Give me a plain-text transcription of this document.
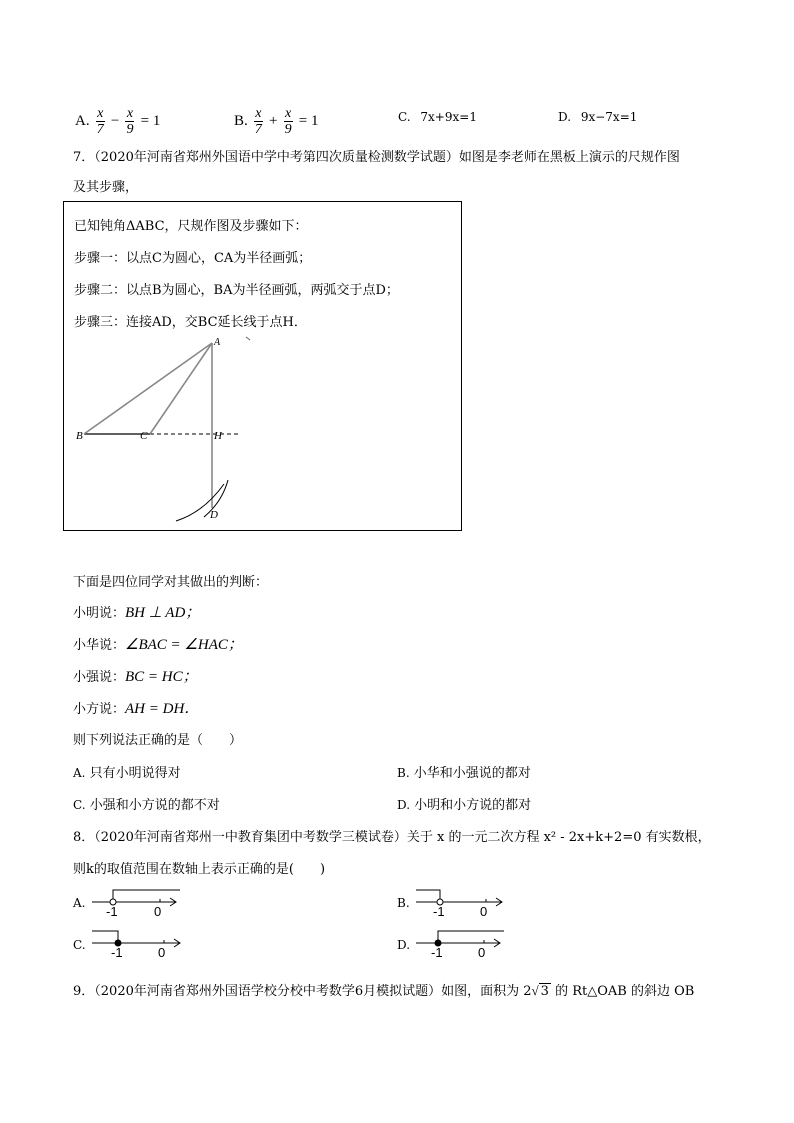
A. $\frac{x}{7} - \frac{x}{9} = 1$	B. $\frac{x}{7} + \frac{x}{9} = 1$	C. 7x+9x=1	D. 9x−7x=1
7．（2020年河南省郑州外国语中学中考第四次质量检测数学试题）如图是李老师在黑板上演示的尺规作图
及其步骤，
已知钝角ΔABC，尺规作图及步骤如下：
步骤一：以点C为圆心，CA为半径画弧；
步骤二：以点B为圆心，BA为半径画弧，两弧交于点D；
步骤三：连接AD，交BC延长线于点H．
A
B	C	H
D
下面是四位同学对其做出的判断：
小明说：BH ⊥ AD；
小华说：∠BAC = ∠HAC；
小强说：BC = HC；
小方说：AH = DH．
则下列说法正确的是（　　）
A. 只有小明说得对	B. 小华和小强说的都对
C. 小强和小方说的都不对	D. 小明和小方说的都对
8．（2020年河南省郑州一中教育集团中考数学三模试卷）关于 x 的一元二次方程 x² - 2x+k+2=0 有实数根，
则k的取值范围在数轴上表示正确的是(　　)
A.
-1	0
B.
-1	0
C. -1	0	D. -1	0
9．（2020年河南省郑州外国语学校分校中考数学6月模拟试题）如图，面积为 2√ 3 的 Rt△OAB 的斜边 OB
